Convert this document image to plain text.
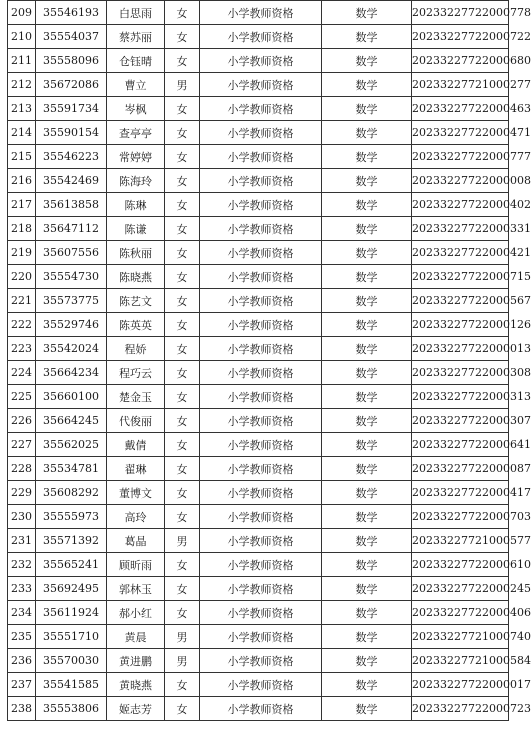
209	35546193	白思雨	女	小学教师资格	数学	20233227722000778
210	35554037	蔡苏丽	女	小学教师资格	数学	20233227722000722
211	35558096	仓钰晴	女	小学教师资格	数学	20233227722000680
212	35672086	曹立	男	小学教师资格	数学	20233227721000277
213	35591734	岑枫	女	小学教师资格	数学	20233227722000463
214	35590154	查亭亭	女	小学教师资格	数学	20233227722000471
215	35546223	常婷婷	女	小学教师资格	数学	20233227722000777
216	35542469	陈海玲	女	小学教师资格	数学	20233227722000008
217	35613858	陈琳	女	小学教师资格	数学	20233227722000402
218	35647112	陈谦	女	小学教师资格	数学	20233227722000331
219	35607556	陈秋丽	女	小学教师资格	数学	20233227722000421
220	35554730	陈晓燕	女	小学教师资格	数学	20233227722000715
221	35573775	陈艺文	女	小学教师资格	数学	20233227722000567
222	35529746	陈英英	女	小学教师资格	数学	20233227722000126
223	35542024	程娇	女	小学教师资格	数学	20233227722000013
224	35664234	程巧云	女	小学教师资格	数学	20233227722000308
225	35660100	楚金玉	女	小学教师资格	数学	20233227722000313
226	35664245	代俊丽	女	小学教师资格	数学	20233227722000307
227	35562025	戴倩	女	小学教师资格	数学	20233227722000641
228	35534781	翟琳	女	小学教师资格	数学	20233227722000087
229	35608292	董博文	女	小学教师资格	数学	20233227722000417
230	35555973	高玲	女	小学教师资格	数学	20233227722000703
231	35571392	葛晶	男	小学教师资格	数学	20233227721000577
232	35565241	顾昕雨	女	小学教师资格	数学	20233227722000610
233	35692495	郭林玉	女	小学教师资格	数学	20233227722000245
234	35611924	郝小红	女	小学教师资格	数学	20233227722000406
235	35551710	黄晨	男	小学教师资格	数学	20233227721000740
236	35570030	黄进鹏	男	小学教师资格	数学	20233227721000584
237	35541585	黄晓燕	女	小学教师资格	数学	20233227722000017
238	35553806	姬志芳	女	小学教师资格	数学	20233227722000723
